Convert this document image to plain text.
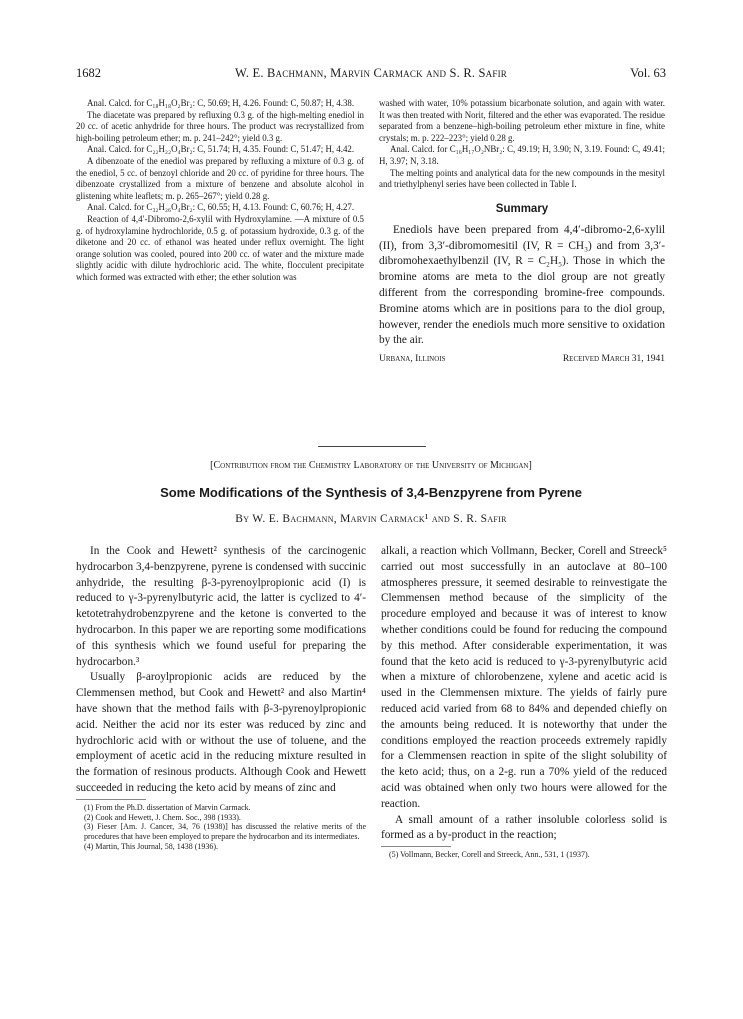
1682	W. E. Bachmann, Marvin Carmack and S. R. Safir	Vol. 63

Anal. Calcd. for C₁₈H₁₈O₂Br₂: C, 50.69; H, 4.26. Found: C, 50.87; H, 4.38.

The diacetate was prepared by refluxing 0.3 g. of the high-melting enediol in 20 cc. of acetic anhydride for three hours. The product was recrystallized from high-boiling petroleum ether; m. p. 241–242°; yield 0.3 g.

Anal. Calcd. for C₂₂H₂₂O₄Br₂: C, 51.74; H, 4.35. Found: C, 51.47; H, 4.42.

A dibenzoate of the enediol was prepared by refluxing a mixture of 0.3 g. of the enediol, 5 cc. of benzoyl chloride and 20 cc. of pyridine for three hours. The dibenzoate crystallized from a mixture of benzene and absolute alcohol in glistening white leaflets; m. p. 265–267°; yield 0.28 g.

Anal. Calcd. for C₃₂H₂₆O₄Br₂: C, 60.55; H, 4.13. Found: C, 60.76; H, 4.27.

Reaction of 4,4′-Dibromo-2,6-xylil with Hydroxylamine. —A mixture of 0.5 g. of hydroxylamine hydrochloride, 0.5 g. of potassium hydroxide, 0.3 g. of the diketone and 20 cc. of ethanol was heated under reflux overnight. The light orange solution was cooled, poured into 200 cc. of water and the mixture made slightly acidic with dilute hydrochloric acid. The white, flocculent precipitate which formed was extracted with ether; the ether solution was

washed with water, 10% potassium bicarbonate solution, and again with water. It was then treated with Norit, filtered and the ether was evaporated. The residue separated from a benzene–high-boiling petroleum ether mixture in fine, white crystals; m. p. 222–223°; yield 0.28 g.

Anal. Calcd. for C₁₆H₁₇O₂NBr₂: C, 49.19; H, 3.90; N, 3.19. Found: C, 49.41; H, 3.97; N, 3.18.

The melting points and analytical data for the new compounds in the mesityl and triethylphenyl series have been collected in Table I.

Summary

Enediols have been prepared from 4,4′-dibromo-2,6-xylil (II), from 3,3′-dibromomesitil (IV, R = CH₃) and from 3,3′-dibromohexaethylbenzil (IV, R = C₂H₅). Those in which the bromine atoms are meta to the diol group are not greatly different from the corresponding bromine-free compounds. Bromine atoms which are in positions para to the diol group, however, render the enediols much more sensitive to oxidation by the air.

Urbana, Illinois	Received March 31, 1941
[Contribution from the Chemistry Laboratory of the University of Michigan]
Some Modifications of the Synthesis of 3,4-Benzpyrene from Pyrene
By W. E. Bachmann, Marvin Carmack¹ and S. R. Safir

In the Cook and Hewett² synthesis of the carcinogenic hydrocarbon 3,4-benzpyrene, pyrene is condensed with succinic anhydride, the resulting β-3-pyrenoylpropionic acid (I) is reduced to γ-3-pyrenylbutyric acid, the latter is cyclized to 4′-ketotetrahydrobenzpyrene and the ketone is converted to the hydrocarbon. In this paper we are reporting some modifications of this synthesis which we found useful for preparing the hydrocarbon.³

Usually β-aroylpropionic acids are reduced by the Clemmensen method, but Cook and Hewett² and also Martin⁴ have shown that the method fails with β-3-pyrenoylpropionic acid. Neither the acid nor its ester was reduced by zinc and hydrochloric acid with or without the use of toluene, and the employment of acetic acid in the reducing mixture resulted in the formation of resinous products. Although Cook and Hewett succeeded in reducing the keto acid by means of zinc and

(1) From the Ph.D. dissertation of Marvin Carmack.

(2) Cook and Hewett, J. Chem. Soc., 398 (1933).

(3) Fieser [Am. J. Cancer, 34, 76 (1938)] has discussed the relative merits of the procedures that have been employed to prepare the hydrocarbon and its intermediates.

(4) Martin, This Journal, 58, 1438 (1936).

alkali, a reaction which Vollmann, Becker, Corell and Streeck⁵ carried out most successfully in an autoclave at 80–100 atmospheres pressure, it seemed desirable to reinvestigate the Clemmensen method because of the simplicity of the procedure employed and because it was of interest to know whether conditions could be found for reducing the compound by this method. After considerable experimentation, it was found that the keto acid is reduced to γ-3-pyrenylbutyric acid when a mixture of chlorobenzene, xylene and acetic acid is used in the Clemmensen mixture. The yields of fairly pure reduced acid varied from 68 to 84% and depended chiefly on the amounts being reduced. It is noteworthy that under the conditions employed the reaction proceeds extremely rapidly for a Clemmensen reaction in spite of the slight solubility of the keto acid; thus, on a 2-g. run a 70% yield of the reduced acid was obtained when only two hours were allowed for the reaction.

A small amount of a rather insoluble colorless solid is formed as a by-product in the reaction;

(5) Vollmann, Becker, Corell and Streeck, Ann., 531, 1 (1937).
